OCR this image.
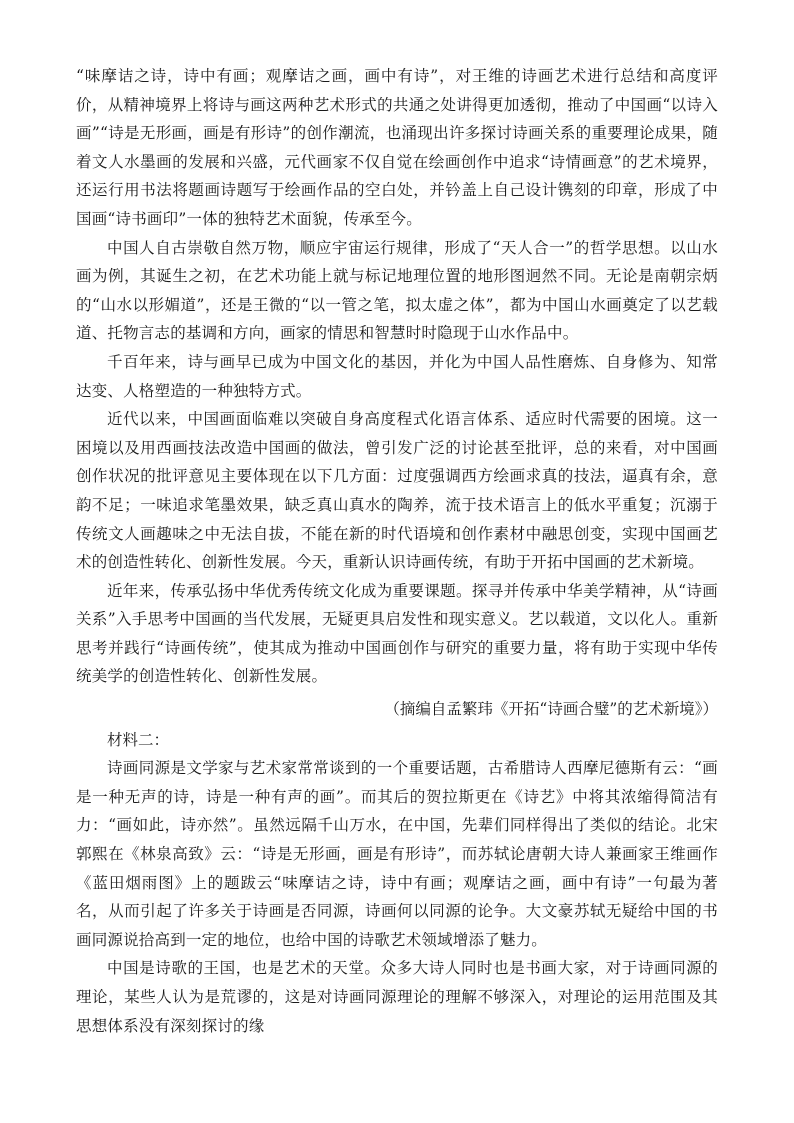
“味摩诘之诗，诗中有画；观摩诘之画，画中有诗”，对王维的诗画艺术进行总结和高度评价，从精神境界上将诗与画这两种艺术形式的共通之处讲得更加透彻，推动了中国画“以诗入画”“诗是无形画，画是有形诗”的创作潮流，也涌现出许多探讨诗画关系的重要理论成果，随着文人水墨画的发展和兴盛，元代画家不仅自觉在绘画创作中追求“诗情画意”的艺术境界，还运行用书法将题画诗题写于绘画作品的空白处，并钤盖上自己设计镌刻的印章，形成了中国画“诗书画印”一体的独特艺术面貌，传承至今。

中国人自古崇敬自然万物，顺应宇宙运行规律，形成了“天人合一”的哲学思想。以山水画为例，其诞生之初，在艺术功能上就与标记地理位置的地形图迥然不同。无论是南朝宗炳的“山水以形媚道”，还是王微的“以一管之笔，拟太虚之体”，都为中国山水画奠定了以艺载道、托物言志的基调和方向，画家的情思和智慧时时隐现于山水作品中。

千百年来，诗与画早已成为中国文化的基因，并化为中国人品性磨炼、自身修为、知常达变、人格塑造的一种独特方式。

近代以来，中国画面临难以突破自身高度程式化语言体系、适应时代需要的困境。这一困境以及用西画技法改造中国画的做法，曾引发广泛的讨论甚至批评，总的来看，对中国画创作状况的批评意见主要体现在以下几方面：过度强调西方绘画求真的技法，逼真有余，意韵不足；一味追求笔墨效果，缺乏真山真水的陶养，流于技术语言上的低水平重复；沉溺于传统文人画趣味之中无法自拔，不能在新的时代语境和创作素材中融思创变，实现中国画艺术的创造性转化、创新性发展。今天，重新认识诗画传统，有助于开拓中国画的艺术新境。

近年来，传承弘扬中华优秀传统文化成为重要课题。探寻并传承中华美学精神，从“诗画关系”入手思考中国画的当代发展，无疑更具启发性和现实意义。艺以载道，文以化人。重新思考并践行“诗画传统”，使其成为推动中国画创作与研究的重要力量，将有助于实现中华传统美学的创造性转化、创新性发展。

（摘编自孟繁玮《开拓“诗画合璧”的艺术新境》）

材料二：

诗画同源是文学家与艺术家常常谈到的一个重要话题，古希腊诗人西摩尼德斯有云：“画是一种无声的诗，诗是一种有声的画”。而其后的贺拉斯更在《诗艺》中将其浓缩得简洁有力：“画如此，诗亦然”。虽然远隔千山万水，在中国，先辈们同样得出了类似的结论。北宋郭熙在《林泉高致》云：“诗是无形画，画是有形诗”，而苏轼论唐朝大诗人兼画家王维画作《蓝田烟雨图》上的题跋云“味摩诘之诗，诗中有画；观摩诘之画，画中有诗”一句最为著名，从而引起了许多关于诗画是否同源，诗画何以同源的论争。大文豪苏轼无疑给中国的书画同源说拾高到一定的地位，也给中国的诗歌艺术领域增添了魅力。

中国是诗歌的王国，也是艺术的天堂。众多大诗人同时也是书画大家，对于诗画同源的理论，某些人认为是荒谬的，这是对诗画同源理论的理解不够深入，对理论的运用范围及其思想体系没有深刻探讨的缘
